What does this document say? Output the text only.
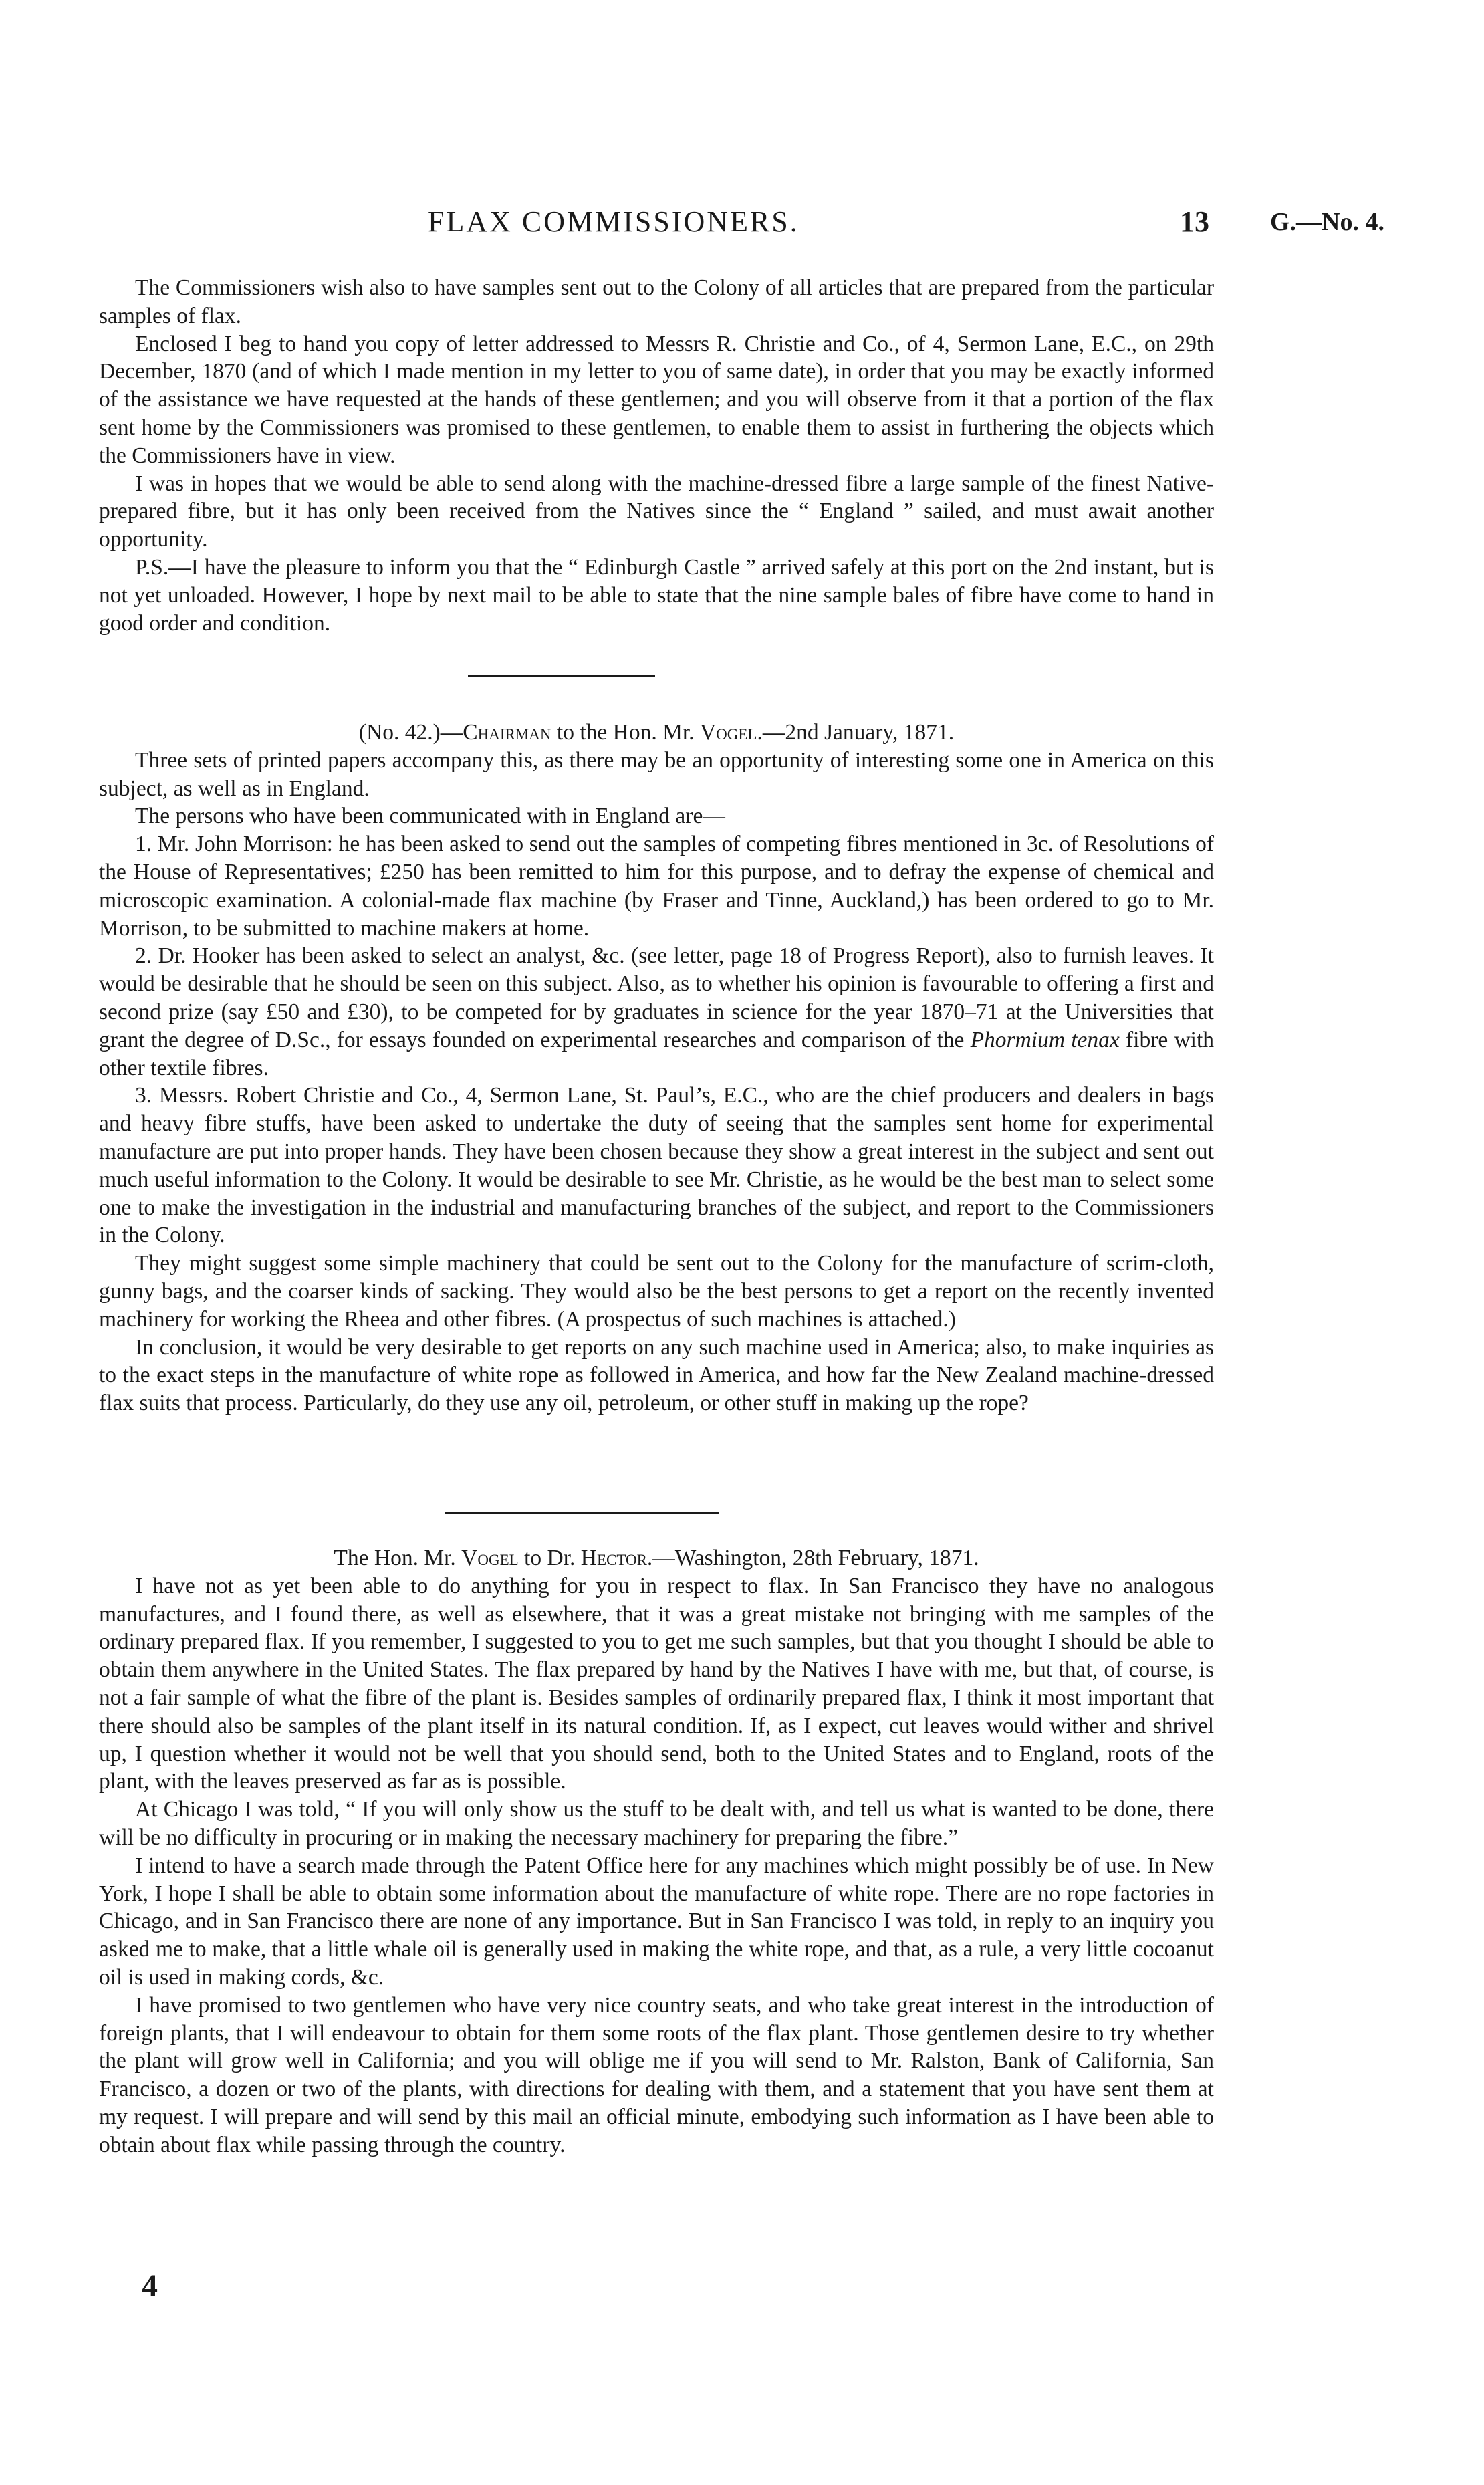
FLAX COMMISSIONERS.	13 G.—No. 4.

The Commissioners wish also to have samples sent out to the Colony of all articles that are prepared from the particular samples of flax.

Enclosed I beg to hand you copy of letter addressed to Messrs R. Christie and Co., of 4, Sermon Lane, E.C., on 29th December, 1870 (and of which I made mention in my letter to you of same date), in order that you may be exactly informed of the assistance we have requested at the hands of these gentlemen; and you will observe from it that a portion of the flax sent home by the Commissioners was promised to these gentlemen, to enable them to assist in furthering the objects which the Commissioners have in view.

I was in hopes that we would be able to send along with the machine-dressed fibre a large sample of the finest Native-prepared fibre, but it has only been received from the Natives since the “ England ” sailed, and must await another opportunity.

P.S.—I have the pleasure to inform you that the “ Edinburgh Castle ” arrived safely at this port on the 2nd instant, but is not yet unloaded. However, I hope by next mail to be able to state that the nine sample bales of fibre have come to hand in good order and condition.

(No. 42.)—Chairman to the Hon. Mr. Vogel.—2nd January, 1871.

Three sets of printed papers accompany this, as there may be an opportunity of interesting some one in America on this subject, as well as in England.

The persons who have been communicated with in England are—

1. Mr. John Morrison: he has been asked to send out the samples of competing fibres mentioned in 3c. of Resolutions of the House of Representatives; £250 has been remitted to him for this purpose, and to defray the expense of chemical and microscopic examination. A colonial-made flax machine (by Fraser and Tinne, Auckland,) has been ordered to go to Mr. Morrison, to be submitted to machine makers at home.

2. Dr. Hooker has been asked to select an analyst, &c. (see letter, page 18 of Progress Report), also to furnish leaves. It would be desirable that he should be seen on this subject. Also, as to whether his opinion is favourable to offering a first and second prize (say £50 and £30), to be competed for by graduates in science for the year 1870–71 at the Universities that grant the degree of D.Sc., for essays founded on experimental researches and comparison of the Phormium tenax fibre with other textile fibres.

3. Messrs. Robert Christie and Co., 4, Sermon Lane, St. Paul’s, E.C., who are the chief producers and dealers in bags and heavy fibre stuffs, have been asked to undertake the duty of seeing that the samples sent home for experimental manufacture are put into proper hands. They have been chosen because they show a great interest in the subject and sent out much useful information to the Colony. It would be desirable to see Mr. Christie, as he would be the best man to select some one to make the investigation in the industrial and manufacturing branches of the subject, and report to the Commissioners in the Colony.

They might suggest some simple machinery that could be sent out to the Colony for the manufacture of scrim-cloth, gunny bags, and the coarser kinds of sacking. They would also be the best persons to get a report on the recently invented machinery for working the Rheea and other fibres. (A prospectus of such machines is attached.)

In conclusion, it would be very desirable to get reports on any such machine used in America; also, to make inquiries as to the exact steps in the manufacture of white rope as followed in America, and how far the New Zealand machine-dressed flax suits that process. Particularly, do they use any oil, petroleum, or other stuff in making up the rope?

The Hon. Mr. Vogel to Dr. Hector.—Washington, 28th February, 1871.

I have not as yet been able to do anything for you in respect to flax. In San Francisco they have no analogous manufactures, and I found there, as well as elsewhere, that it was a great mistake not bringing with me samples of the ordinary prepared flax. If you remember, I suggested to you to get me such samples, but that you thought I should be able to obtain them anywhere in the United States. The flax prepared by hand by the Natives I have with me, but that, of course, is not a fair sample of what the fibre of the plant is. Besides samples of ordinarily prepared flax, I think it most important that there should also be samples of the plant itself in its natural condition. If, as I expect, cut leaves would wither and shrivel up, I question whether it would not be well that you should send, both to the United States and to England, roots of the plant, with the leaves preserved as far as is possible.

At Chicago I was told, “ If you will only show us the stuff to be dealt with, and tell us what is wanted to be done, there will be no difficulty in procuring or in making the necessary machinery for preparing the fibre.”

I intend to have a search made through the Patent Office here for any machines which might possibly be of use. In New York, I hope I shall be able to obtain some information about the manufacture of white rope. There are no rope factories in Chicago, and in San Francisco there are none of any importance. But in San Francisco I was told, in reply to an inquiry you asked me to make, that a little whale oil is generally used in making the white rope, and that, as a rule, a very little cocoanut oil is used in making cords, &c.

I have promised to two gentlemen who have very nice country seats, and who take great interest in the introduction of foreign plants, that I will endeavour to obtain for them some roots of the flax plant. Those gentlemen desire to try whether the plant will grow well in California; and you will oblige me if you will send to Mr. Ralston, Bank of California, San Francisco, a dozen or two of the plants, with directions for dealing with them, and a statement that you have sent them at my request. I will prepare and will send by this mail an official minute, embodying such information as I have been able to obtain about flax while passing through the country.

4
